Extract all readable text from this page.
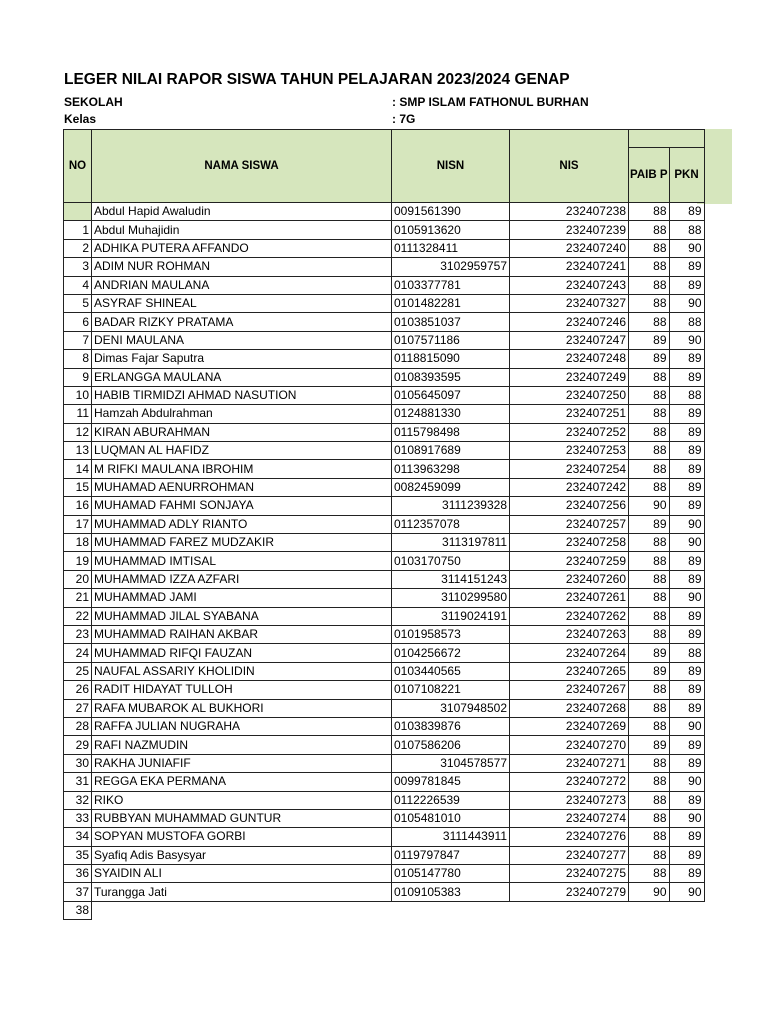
LEGER NILAI RAPOR SISWA TAHUN PELAJARAN 2023/2024 GENAP
SEKOLAH	: SMP ISLAM FATHONUL BURHAN
Kelas	: 7G
NO	NAMA SISWA	NISN	NIS		
				PAIB P	PKN
	Abdul Hapid Awaludin	0091561390	232407238	88	89
1	Abdul Muhajidin	0105913620	232407239	88	88
2	ADHIKA PUTERA AFFANDO	0111328411	232407240	88	90
3	ADIM NUR ROHMAN	3102959757	232407241	88	89
4	ANDRIAN MAULANA	0103377781	232407243	88	89
5	ASYRAF SHINEAL	0101482281	232407327	88	90
6	BADAR RIZKY PRATAMA	0103851037	232407246	88	88
7	DENI MAULANA	0107571186	232407247	89	90
8	Dimas Fajar Saputra	0118815090	232407248	89	89
9	ERLANGGA MAULANA	0108393595	232407249	88	89
10	HABIB TIRMIDZI AHMAD NASUTION	0105645097	232407250	88	88
11	Hamzah Abdulrahman	0124881330	232407251	88	89
12	KIRAN ABURAHMAN	0115798498	232407252	88	89
13	LUQMAN AL HAFIDZ	0108917689	232407253	88	89
14	M RIFKI MAULANA IBROHIM	0113963298	232407254	88	89
15	MUHAMAD AENURROHMAN	0082459099	232407242	88	89
16	MUHAMAD FAHMI SONJAYA	3111239328	232407256	90	89
17	MUHAMMAD ADLY RIANTO	0112357078	232407257	89	90
18	MUHAMMAD FAREZ MUDZAKIR	3113197811	232407258	88	90
19	MUHAMMAD IMTISAL	0103170750	232407259	88	89
20	MUHAMMAD IZZA AZFARI	3114151243	232407260	88	89
21	MUHAMMAD JAMI	3110299580	232407261	88	90
22	MUHAMMAD JILAL SYABANA	3119024191	232407262	88	89
23	MUHAMMAD RAIHAN AKBAR	0101958573	232407263	88	89
24	MUHAMMAD RIFQI FAUZAN	0104256672	232407264	89	88
25	NAUFAL ASSARIY KHOLIDIN	0103440565	232407265	89	89
26	RADIT HIDAYAT TULLOH	0107108221	232407267	88	89
27	RAFA MUBAROK AL BUKHORI	3107948502	232407268	88	89
28	RAFFA JULIAN NUGRAHA	0103839876	232407269	88	90
29	RAFI NAZMUDIN	0107586206	232407270	89	89
30	RAKHA JUNIAFIF	3104578577	232407271	88	89
31	REGGA EKA PERMANA	0099781845	232407272	88	90
32	RIKO	0112226539	232407273	88	89
33	RUBBYAN MUHAMMAD GUNTUR	0105481010	232407274	88	90
34	SOPYAN MUSTOFA GORBI	3111443911	232407276	88	89
35	Syafiq Adis Basysyar	0119797847	232407277	88	89
36	SYAIDIN ALI	0105147780	232407275	88	89
37	Turangga Jati	0109105383	232407279	90	90
38					
